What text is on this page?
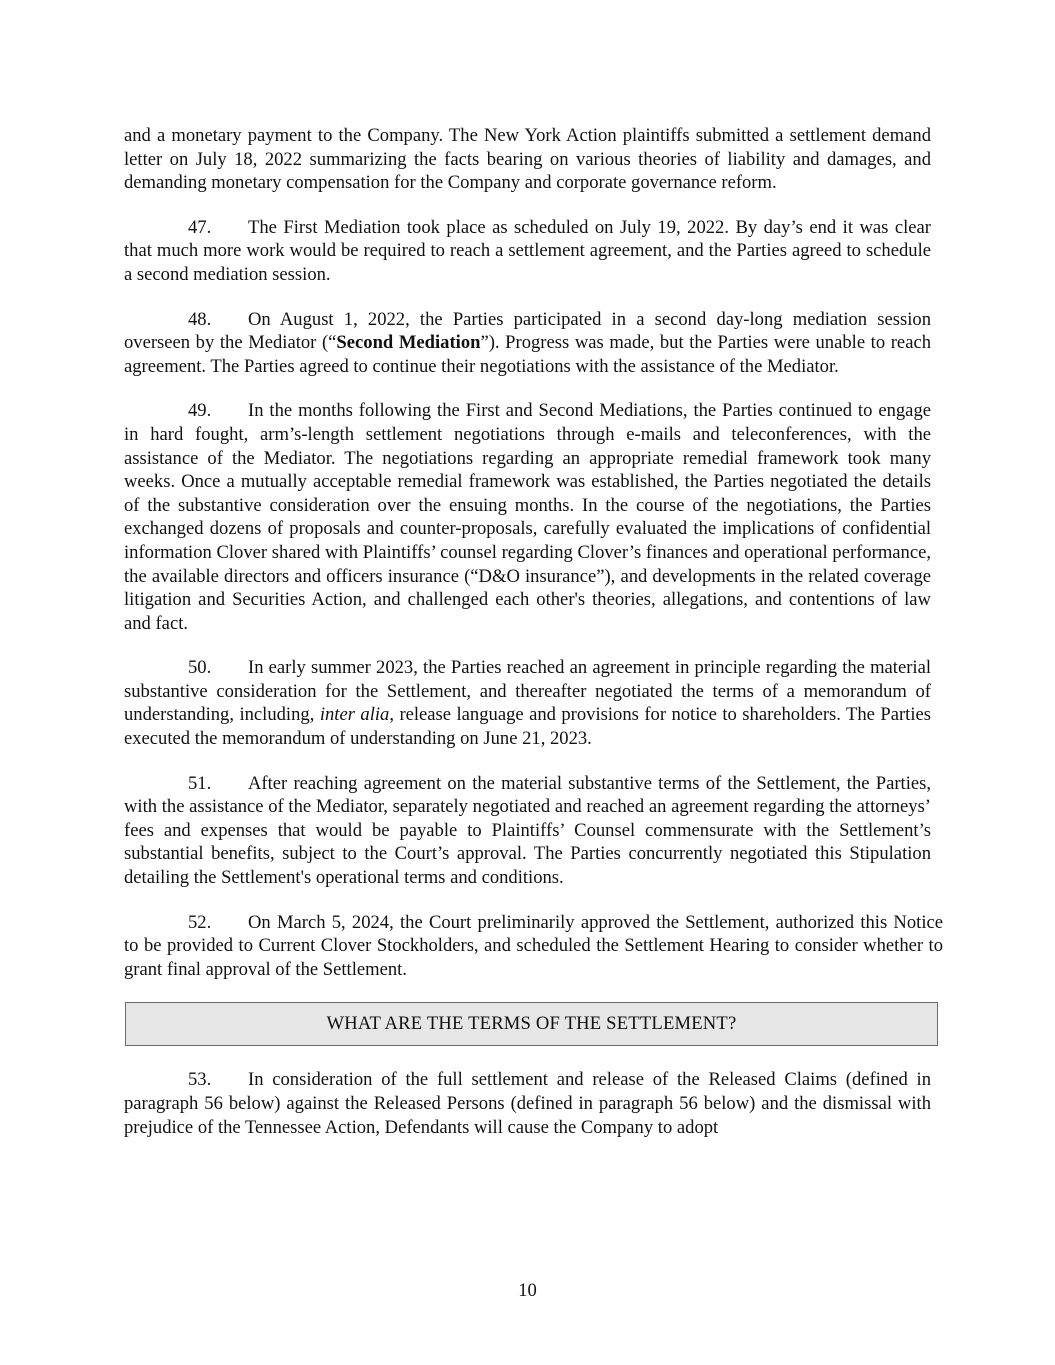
and a monetary payment to the Company. The New York Action plaintiffs submitted a settlement demand letter on July 18, 2022 summarizing the facts bearing on various theories of liability and damages, and demanding monetary compensation for the Company and corporate governance reform.

47. The First Mediation took place as scheduled on July 19, 2022. By day’s end it was clear that much more work would be required to reach a settlement agreement, and the Parties agreed to schedule a second mediation session.

48. On August 1, 2022, the Parties participated in a second day-long mediation session overseen by the Mediator (“Second Mediation”). Progress was made, but the Parties were unable to reach agreement. The Parties agreed to continue their negotiations with the assistance of the Mediator.

49. In the months following the First and Second Mediations, the Parties continued to engage in hard fought, arm’s-length settlement negotiations through e-mails and teleconferences, with the assistance of the Mediator. The negotiations regarding an appropriate remedial framework took many weeks. Once a mutually acceptable remedial framework was established, the Parties negotiated the details of the substantive consideration over the ensuing months. In the course of the negotiations, the Parties exchanged dozens of proposals and counter-proposals, carefully evaluated the implications of confidential information Clover shared with Plaintiffs’ counsel regarding Clover’s finances and operational performance, the available directors and officers insurance (“D&O insurance”), and developments in the related coverage litigation and Securities Action, and challenged each other's theories, allegations, and contentions of law and fact.

50. In early summer 2023, the Parties reached an agreement in principle regarding the material substantive consideration for the Settlement, and thereafter negotiated the terms of a memorandum of understanding, including, inter alia, release language and provisions for notice to shareholders. The Parties executed the memorandum of understanding on June 21, 2023.

51. After reaching agreement on the material substantive terms of the Settlement, the Parties, with the assistance of the Mediator, separately negotiated and reached an agreement regarding the attorneys’ fees and expenses that would be payable to Plaintiffs’ Counsel commensurate with the Settlement’s substantial benefits, subject to the Court’s approval. The Parties concurrently negotiated this Stipulation detailing the Settlement's operational terms and conditions.

52. On March 5, 2024, the Court preliminarily approved the Settlement, authorized this Notice to be provided to Current Clover Stockholders, and scheduled the Settlement Hearing to consider whether to grant final approval of the Settlement.

WHAT ARE THE TERMS OF THE SETTLEMENT?

53. In consideration of the full settlement and release of the Released Claims (defined in paragraph 56 below) against the Released Persons (defined in paragraph 56 below) and the dismissal with prejudice of the Tennessee Action, Defendants will cause the Company to adopt

10
